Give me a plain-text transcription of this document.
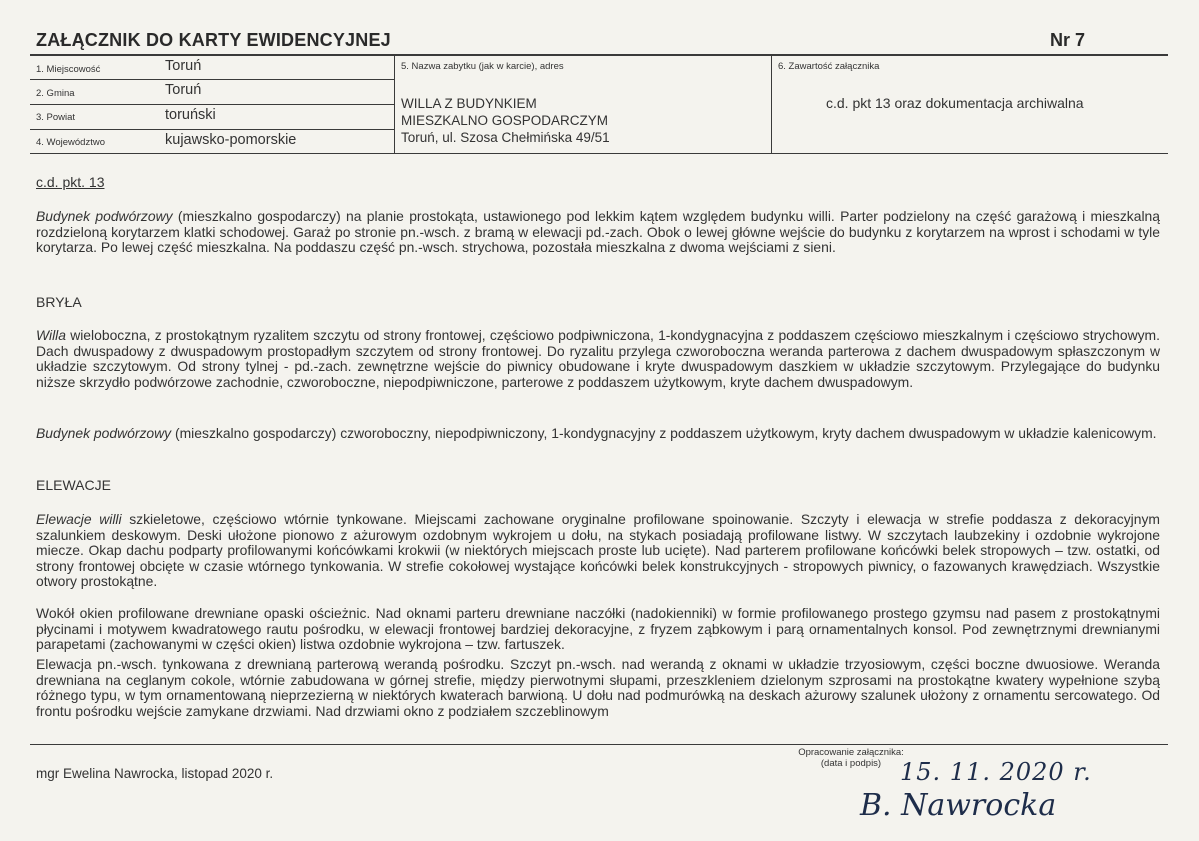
ZAŁĄCZNIK DO KARTY EWIDENCYJNEJ	Nr 7
1. Miejscowość	Toruń
2. Gmina	Toruń
3. Powiat	toruński
4. Województwo	kujawsko-pomorskie
5. Nazwa zabytku (jak w karcie), adres
WILLA Z BUDYNKIEM
MIESZKALNO GOSPODARCZYM
Toruń, ul. Szosa Chełmińska 49/51
6. Zawartość załącznika
c.d. pkt 13 oraz dokumentacja archiwalna
c.d. pkt. 13
Budynek podwórzowy (mieszkalno gospodarczy) na planie prostokąta, ustawionego pod lekkim kątem względem budynku willi. Parter podzielony na część garażową i mieszkalną rozdzieloną korytarzem klatki schodowej. Garaż po stronie pn.-wsch. z bramą w elewacji pd.-zach. Obok o lewej główne wejście do budynku z korytarzem na wprost i schodami w tyle korytarza. Po lewej część mieszkalna. Na poddaszu część pn.-wsch. strychowa, pozostała mieszkalna z dwoma wejściami z sieni.
BRYŁA
Willa wieloboczna, z prostokątnym ryzalitem szczytu od strony frontowej, częściowo podpiwniczona, 1-kondygnacyjna z poddaszem częściowo mieszkalnym i częściowo strychowym. Dach dwuspadowy z dwuspadowym prostopadłym szczytem od strony frontowej. Do ryzalitu przylega czworoboczna weranda parterowa z dachem dwuspadowym spłaszczonym w układzie szczytowym. Od strony tylnej - pd.-zach. zewnętrzne wejście do piwnicy obudowane i kryte dwuspadowym daszkiem w układzie szczytowym. Przylegające do budynku niższe skrzydło podwórzowe zachodnie, czworoboczne, niepodpiwniczone, parterowe z poddaszem użytkowym, kryte dachem dwuspadowym.
Budynek podwórzowy (mieszkalno gospodarczy) czworoboczny, niepodpiwniczony, 1-kondygnacyjny z poddaszem użytkowym, kryty dachem dwuspadowym w układzie kalenicowym.
ELEWACJE
Elewacje willi szkieletowe, częściowo wtórnie tynkowane. Miejscami zachowane oryginalne profilowane spoinowanie. Szczyty i elewacja w strefie poddasza z dekoracyjnym szalunkiem deskowym. Deski ułożone pionowo z ażurowym ozdobnym wykrojem u dołu, na stykach posiadają profilowane listwy. W szczytach laubzekiny i ozdobnie wykrojone miecze. Okap dachu podparty profilowanymi końcówkami krokwii (w niektórych miejscach proste lub ucięte). Nad parterem profilowane końcówki belek stropowych – tzw. ostatki, od strony frontowej obcięte w czasie wtórnego tynkowania. W strefie cokołowej wystające końcówki belek konstrukcyjnych - stropowych piwnicy, o fazowanych krawędziach. Wszystkie otwory prostokątne.
Wokół okien profilowane drewniane opaski ościeżnic. Nad oknami parteru drewniane naczółki (nadokienniki) w formie profilowanego prostego gzymsu nad pasem z prostokątnymi płycinami i motywem kwadratowego rautu pośrodku, w elewacji frontowej bardziej dekoracyjne, z fryzem ząbkowym i parą ornamentalnych konsol. Pod zewnętrznymi drewnianymi parapetami (zachowanymi w części okien) listwa ozdobnie wykrojona – tzw. fartuszek.
Elewacja pn.-wsch. tynkowana z drewnianą parterową werandą pośrodku. Szczyt pn.-wsch. nad werandą z oknami w układzie trzyosiowym, części boczne dwuosiowe. Weranda drewniana na ceglanym cokole, wtórnie zabudowana w górnej strefie, między pierwotnymi słupami, przeszkleniem dzielonym szprosami na prostokątne kwatery wypełnione szybą różnego typu, w tym ornamentowaną nieprzezierną w niektórych kwaterach barwioną. U dołu nad podmurówką na deskach ażurowy szalunek ułożony z ornamentu sercowatego. Od frontu pośrodku wejście zamykane drzwiami. Nad drzwiami okno z podziałem szczeblinowym
mgr Ewelina Nawrocka, listopad 2020 r.
Opracowanie załącznika:
(data i podpis) 15. 11. 2020 r.
B. Nawrocka
